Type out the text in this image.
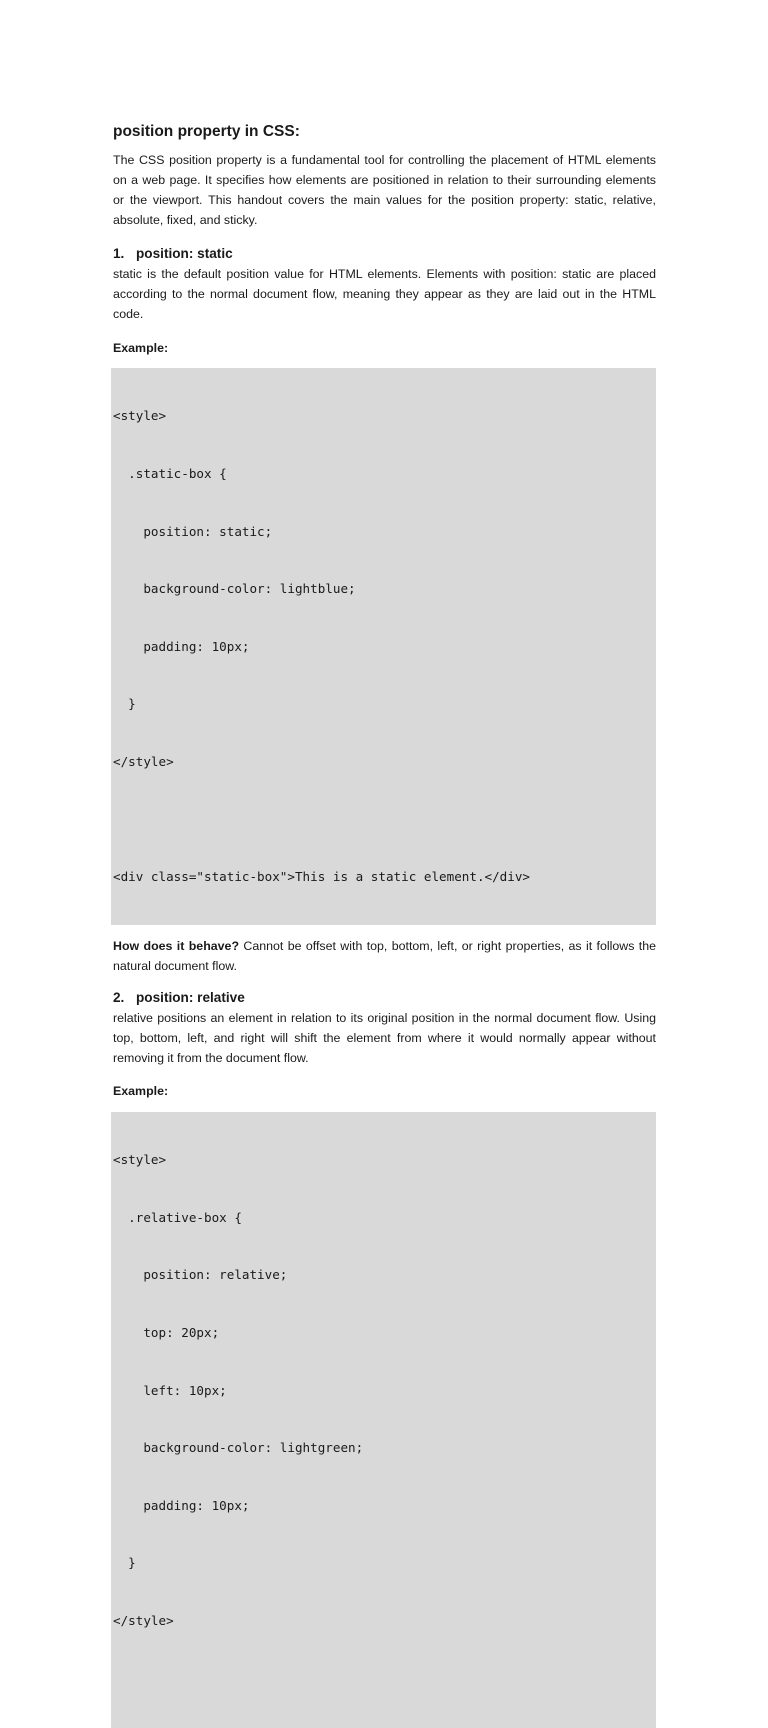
position property in CSS:

The CSS position property is a fundamental tool for controlling the placement of HTML elements on a web page. It specifies how elements are positioned in relation to their surrounding elements or the viewport. This handout covers the main values for the position property: static, relative, absolute, fixed, and sticky.

1. position: static

static is the default position value for HTML elements. Elements with position: static are placed according to the normal document flow, meaning they appear as they are laid out in the HTML code.

Example:

<style>

.static-box {

position: static;

background-color: lightblue;

padding: 10px;

}

</style>

<div class="static-box">This is a static element.</div>

How does it behave? Cannot be offset with top, bottom, left, or right properties, as it follows the natural document flow.

2. position: relative

relative positions an element in relation to its original position in the normal document flow. Using top, bottom, left, and right will shift the element from where it would normally appear without removing it from the document flow.

Example:

<style>

.relative-box {

position: relative;

top: 20px;

left: 10px;

background-color: lightgreen;

padding: 10px;

}

</style>
